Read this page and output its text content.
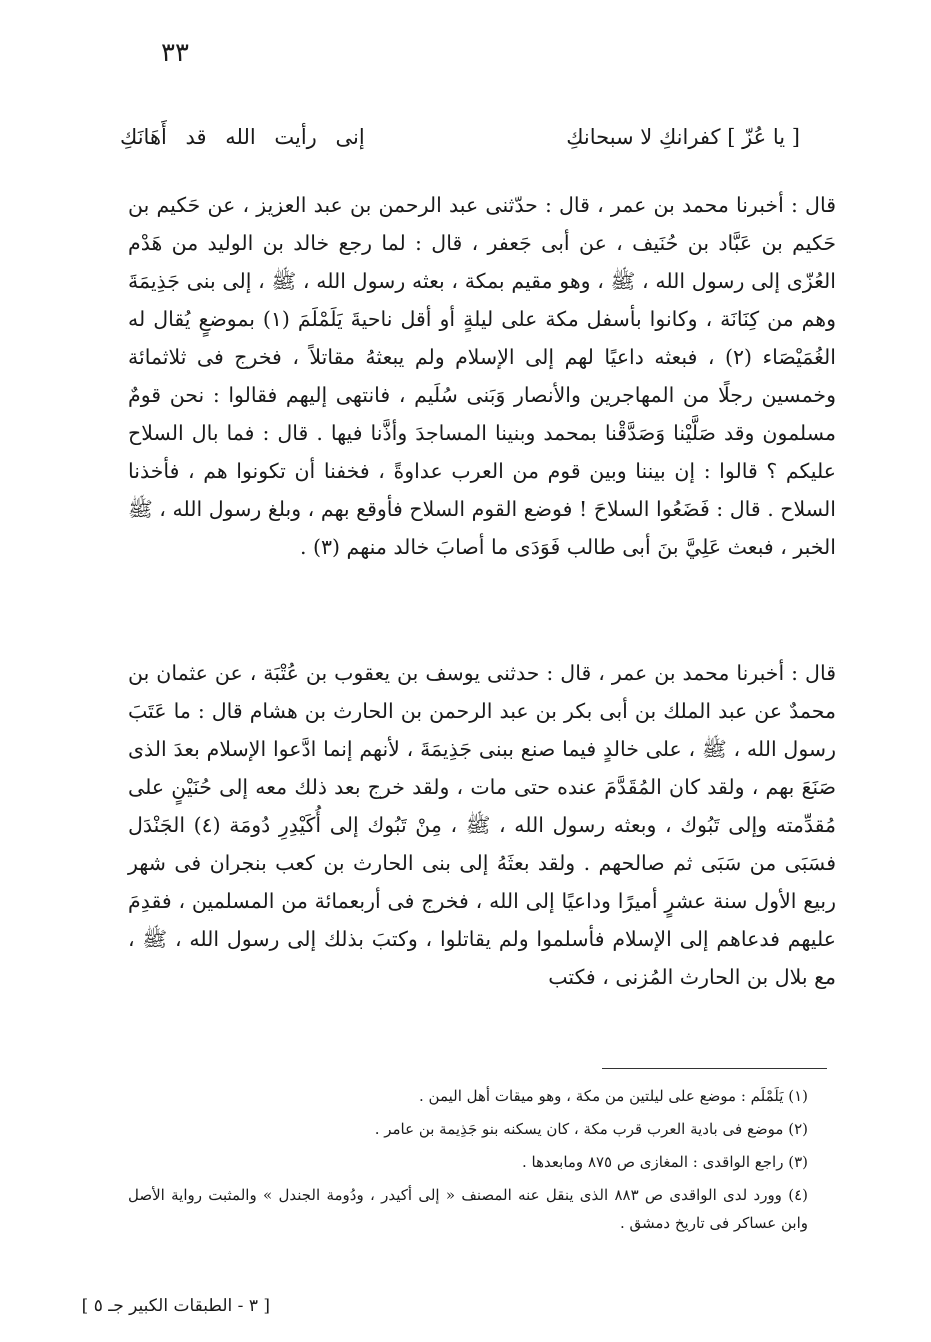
٣٣
[ يا عُزّ ] كفرانكِ لا سبحانكِ
إنى رأيت الله قد أَهَانَكِ

قال : أخبرنا محمد بن عمر ، قال : حدّثنى عبد الرحمن بن عبد العزيز ، عن حَكيم بن حَكيم بن عَبَّاد بن حُنَيف ، عن أبى جَعفر ، قال : لما رجع خالد بن الوليد من هَدْم العُزّى إلى رسول الله ، ﷺ ، وهو مقيم بمكة ، بعثه رسول الله ، ﷺ ، إلى بنى جَذِيمَةَ وهم من كِنَانَة ، وكانوا بأسفل مكة على ليلةٍ أو أقل ناحيةَ يَلَمْلَمَ (١) بموضعٍ يُقال له الغُمَيْصَاء (٢) ، فبعثه داعيًا لهم إلى الإسلام ولم يبعثهُ مقاتلاً ، فخرج فى ثلاثمائة وخمسين رجلًا من المهاجرين والأنصار وَبَنى سُلَيم ، فانتهى إليهم فقالوا : نحن قومٌ مسلمون وقد صَلَّيْنا وَصَدَّقْنا بمحمد وبنينا المساجدَ وأذَّنا فيها . قال : فما بال السلاح عليكم ؟ قالوا : إن بيننا وبين قوم من العرب عداوةً ، فخفنا أن تكونوا هم ، فأخذنا السلاح . قال : فَضَعُوا السلاحَ ! فوضع القوم السلاح فأوقع بهم ، وبلغ رسول الله ، ﷺ الخبر ، فبعث عَلِيَّ بنَ أبى طالب فَوَدَى ما أصابَ خالد منهم (٣) .

قال : أخبرنا محمد بن عمر ، قال : حدثنى يوسف بن يعقوب بن عُتْبَة ، عن عثمان بن محمدٌ عن عبد الملك بن أبى بكر بن عبد الرحمن بن الحارث بن هشام قال : ما عَتَبَ رسول الله ، ﷺ ، على خالدٍ فيما صنع ببنى جَذِيمَةَ ، لأنهم إنما ادَّعوا الإسلام بعدَ الذى صَنَعَ بهم ، ولقد كان المُقَدَّمَ عنده حتى مات ، ولقد خرج بعد ذلك معه إلى حُنَيْنٍ على مُقدِّمته وإلى تَبُوك ، وبعثه رسول الله ، ﷺ ، مِنْ تَبُوك إلى أُكَيْدِرِ دُومَة (٤) الجَنْدَل فسَبَى من سَبَى ثم صالحهم . ولقد بعثَهُ إلى بنى الحارث بن كعب بنجران فى شهر ربيع الأول سنة عشرٍ أميرًا وداعيًا إلى الله ، فخرج فى أربعمائة من المسلمين ، فقدِمَ عليهم فدعاهم إلى الإسلام فأسلموا ولم يقاتلوا ، وكتبَ بذلك إلى رسول الله ، ﷺ ، مع بلال بن الحارث المُزنى ، فكتب

(١) يَلَمْلَم : موضع على ليلتين من مكة ، وهو ميقات أهل اليمن .

(٢) موضع فى بادية العرب قرب مكة ، كان يسكنه بنو جَذِيمة بن عامر .

(٣) راجع الواقدى : المغازى ص ٨٧٥ ومابعدها .

(٤) وورد لدى الواقدى ص ٨٨٣ الذى ينقل عنه المصنف « إلى أكيدر ، ودُومة الجندل » والمثبت رواية الأصل وابن عساكر فى تاريخ دمشق .

[ ٣ - الطبقات الكبير جـ ٥ ]
